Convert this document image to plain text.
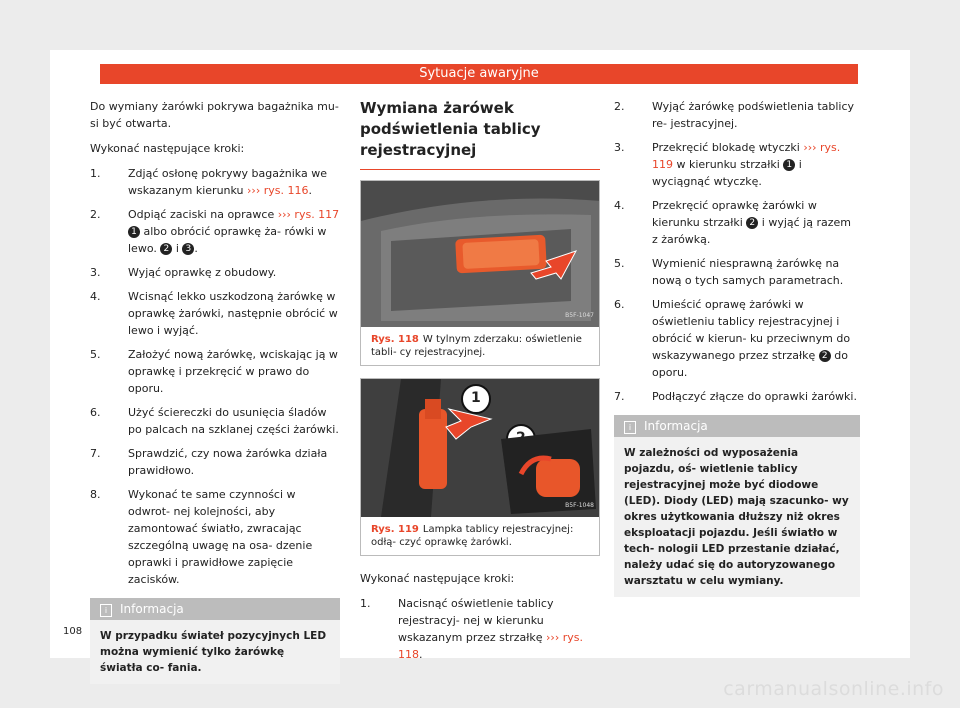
Sytuacje awaryjne

Do wymiany żarówki pokrywa bagażnika mu- si być otwarta.

Wykonać następujące kroki:

1.	Zdjąć osłonę pokrywy bagażnika we wskazanym kierunku ››› rys. 116.
2.	Odpiąć zaciski na oprawce ››› rys. 117 1 albo obrócić oprawkę ża- rówki w lewo. 2 i 3 .
3.	Wyjąć oprawkę z obudowy.
4.	Wcisnąć lekko uszkodzoną żarówkę w oprawkę żarówki, następnie obrócić w lewo i wyjąć.
5.	Założyć nową żarówkę, wciskając ją w oprawkę i przekręcić w prawo do oporu.
6.	Użyć ściereczki do usunięcia śladów po palcach na szklanej części żarówki.
7.	Sprawdzić, czy nowa żarówka działa prawidłowo.
8.	Wykonać te same czynności w odwrot- nej kolejności, aby zamontować światło, zwracając szczególną uwagę na osa- dzenie oprawki i prawidłowe zapięcie zacisków.
i Informacja
W przypadku świateł pozycyjnych LED można wymienić tylko żarówkę światła co- fania.
Wymiana żarówek podświetlenia tablicy rejestracyjnej
B5F-1047
Rys. 118 W tylnym zderzaku: oświetlenie tabli- cy rejestracyjnej.
1
2
B5F-1048
Rys. 119 Lampka tablicy rejestracyjnej: odłą- czyć oprawkę żarówki.

Wykonać następujące kroki:

1.	Nacisnąć oświetlenie tablicy rejestracyj- nej w kierunku wskazanym przez strzałkę ››› rys. 118.
2.	Wyjąć żarówkę podświetlenia tablicy re- jestracyjnej.
3.	Przekręcić blokadę wtyczki ››› rys. 119 w kierunku strzałki 1 i wyciągnąć wtyczkę.
4.	Przekręcić oprawkę żarówki w kierunku strzałki 2 i wyjąć ją razem z żarówką.
5.	Wymienić niesprawną żarówkę na nową o tych samych parametrach.
6.	Umieścić oprawę żarówki w oświetleniu tablicy rejestracyjnej i obrócić w kierun- ku przeciwnym do wskazywanego przez strzałkę 2 do oporu.
7.	Podłączyć złącze do oprawki żarówki.
i Informacja
W zależności od wyposażenia pojazdu, oś- wietlenie tablicy rejestracyjnej może być diodowe (LED). Diody (LED) mają szacunko- wy okres użytkowania dłuższy niż okres eksploatacji pojazdu. Jeśli światło w tech- nologii LED przestanie działać, należy udać się do autoryzowanego warsztatu w celu wymiany.
108
carmanualsonline.info
